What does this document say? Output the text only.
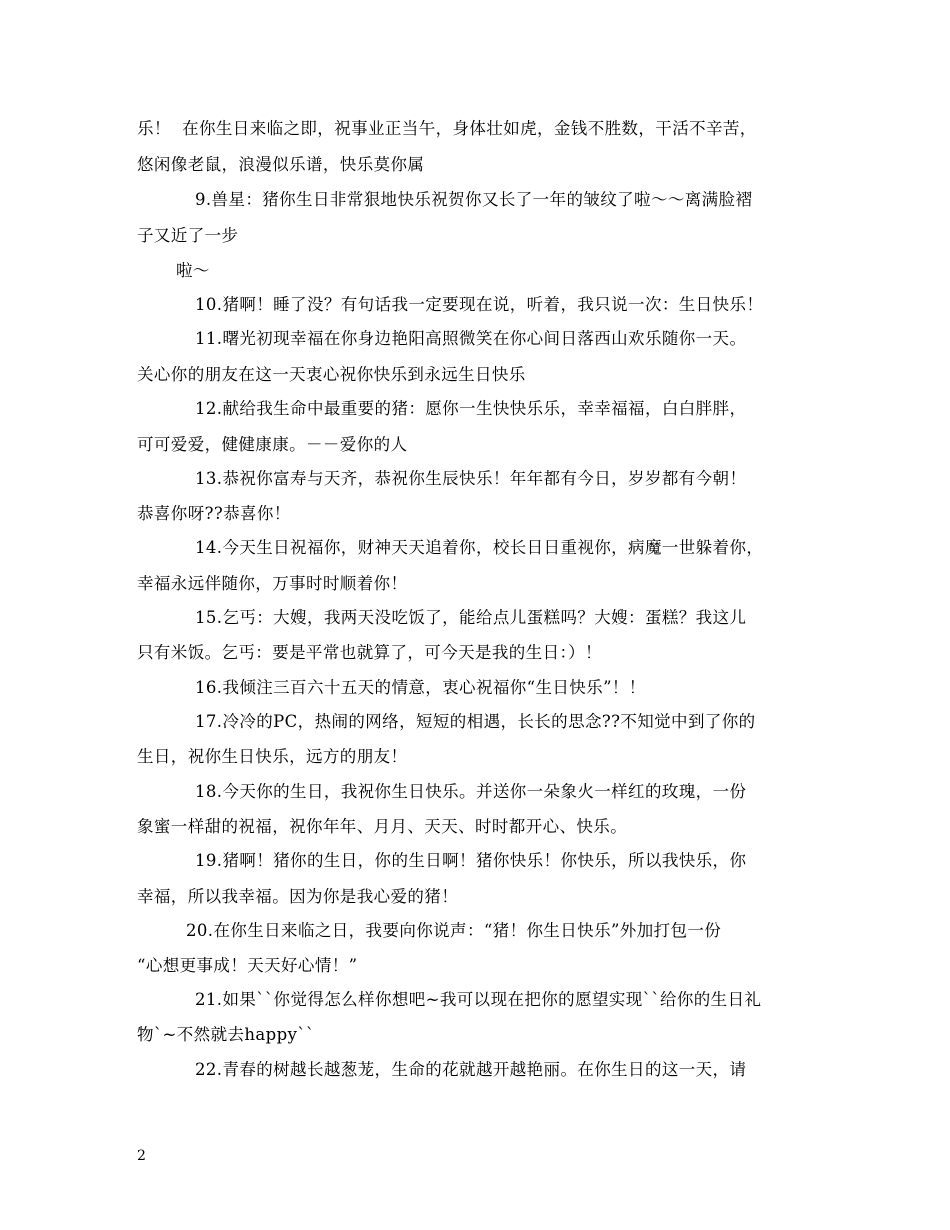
乐！  在你生日来临之即，祝事业正当午，身体壮如虎，金钱不胜数，干活不辛苦，
悠闲像老鼠，浪漫似乐谱，快乐莫你属
9.兽星：猪你生日非常狠地快乐祝贺你又长了一年的皱纹了啦～～离满脸褶
子又近了一步
啦～
10.猪啊！睡了没？有句话我一定要现在说，听着，我只说一次：生日快乐！
11.曙光初现幸福在你身边艳阳高照微笑在你心间日落西山欢乐随你一天。
关心你的朋友在这一天衷心祝你快乐到永远生日快乐
12.献给我生命中最重要的猪：愿你一生快快乐乐，幸幸福福，白白胖胖，
可可爱爱，健健康康。－－爱你的人
13.恭祝你富寿与天齐，恭祝你生辰快乐！年年都有今日，岁岁都有今朝！
恭喜你呀??恭喜你！
14.今天生日祝福你，财神天天追着你，校长日日重视你，病魔一世躲着你，
幸福永远伴随你，万事时时顺着你！
15.乞丐：大嫂，我两天没吃饭了，能给点儿蛋糕吗？大嫂：蛋糕？我这儿
只有米饭。乞丐：要是平常也就算了，可今天是我的生日：）！
16.我倾注三百六十五天的情意，衷心祝福你“生日快乐”！！
17.冷冷的PC，热闹的网络，短短的相遇，长长的思念??不知觉中到了你的
生日，祝你生日快乐，远方的朋友！
18.今天你的生日，我祝你生日快乐。并送你一朵象火一样红的玫瑰，一份
象蜜一样甜的祝福，祝你年年、月月、天天、时时都开心、快乐。
19.猪啊！猪你的生日，你的生日啊！猪你快乐！你快乐，所以我快乐，你
幸福，所以我幸福。因为你是我心爱的猪！
20.在你生日来临之日，我要向你说声：“猪！你生日快乐”外加打包一份
“心想更事成！天天好心情！”
21.如果``你觉得怎么样你想吧~我可以现在把你的愿望实现``给你的生日礼
物`~不然就去happy``
22.青春的树越长越葱茏，生命的花就越开越艳丽。在你生日的这一天，请
2
